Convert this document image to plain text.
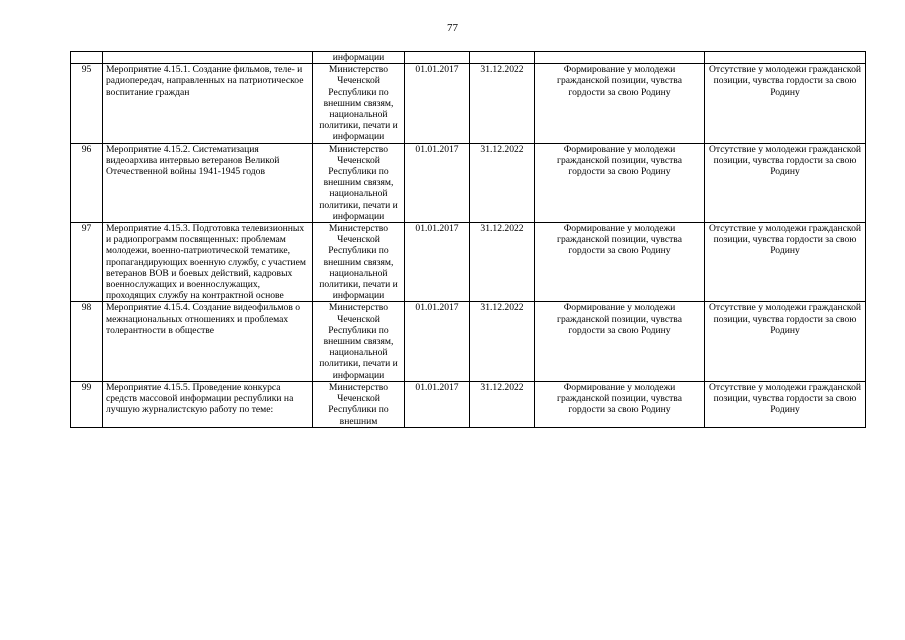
77
		информации				
95	Мероприятие 4.15.1. Создание фильмов, теле- и радиопередач, направленных на патриотическое воспитание граждан	Министерство Чеченской Республики по внешним связям, национальной политики, печати и информации	01.01.2017	31.12.2022	Формирование у молодежи гражданской позиции, чувства гордости за свою Родину	Отсутствие у молодежи гражданской позиции, чувства гордости за свою Родину
96	Мероприятие 4.15.2. Систематизация видеоархива интервью ветеранов Великой Отечественной войны 1941-1945 годов	Министерство Чеченской Республики по внешним связям, национальной политики, печати и информации	01.01.2017	31.12.2022	Формирование у молодежи гражданской позиции, чувства гордости за свою Родину	Отсутствие у молодежи гражданской позиции, чувства гордости за свою Родину
97	Мероприятие 4.15.3. Подготовка телевизионных и радиопрограмм посвященных: проблемам молодежи, военно-патриотической тематике, пропагандирующих военную службу, с участием ветеранов ВОВ и боевых действий, кадровых военнослужащих и военнослужащих, проходящих службу на контрактной основе	Министерство Чеченской Республики по внешним связям, национальной политики, печати и информации	01.01.2017	31.12.2022	Формирование у молодежи гражданской позиции, чувства гордости за свою Родину	Отсутствие у молодежи гражданской позиции, чувства гордости за свою Родину
98	Мероприятие 4.15.4. Создание видеофильмов о межнациональных отношениях и проблемах толерантности в обществе	Министерство Чеченской Республики по внешним связям, национальной политики, печати и информации	01.01.2017	31.12.2022	Формирование у молодежи гражданской позиции, чувства гордости за свою Родину	Отсутствие у молодежи гражданской позиции, чувства гордости за свою Родину
99	Мероприятие 4.15.5. Проведение конкурса средств массовой информации республики на лучшую журналистскую работу по теме:	Министерство Чеченской Республики по внешним	01.01.2017	31.12.2022	Формирование у молодежи гражданской позиции, чувства гордости за свою Родину	Отсутствие у молодежи гражданской позиции, чувства гордости за свою Родину
